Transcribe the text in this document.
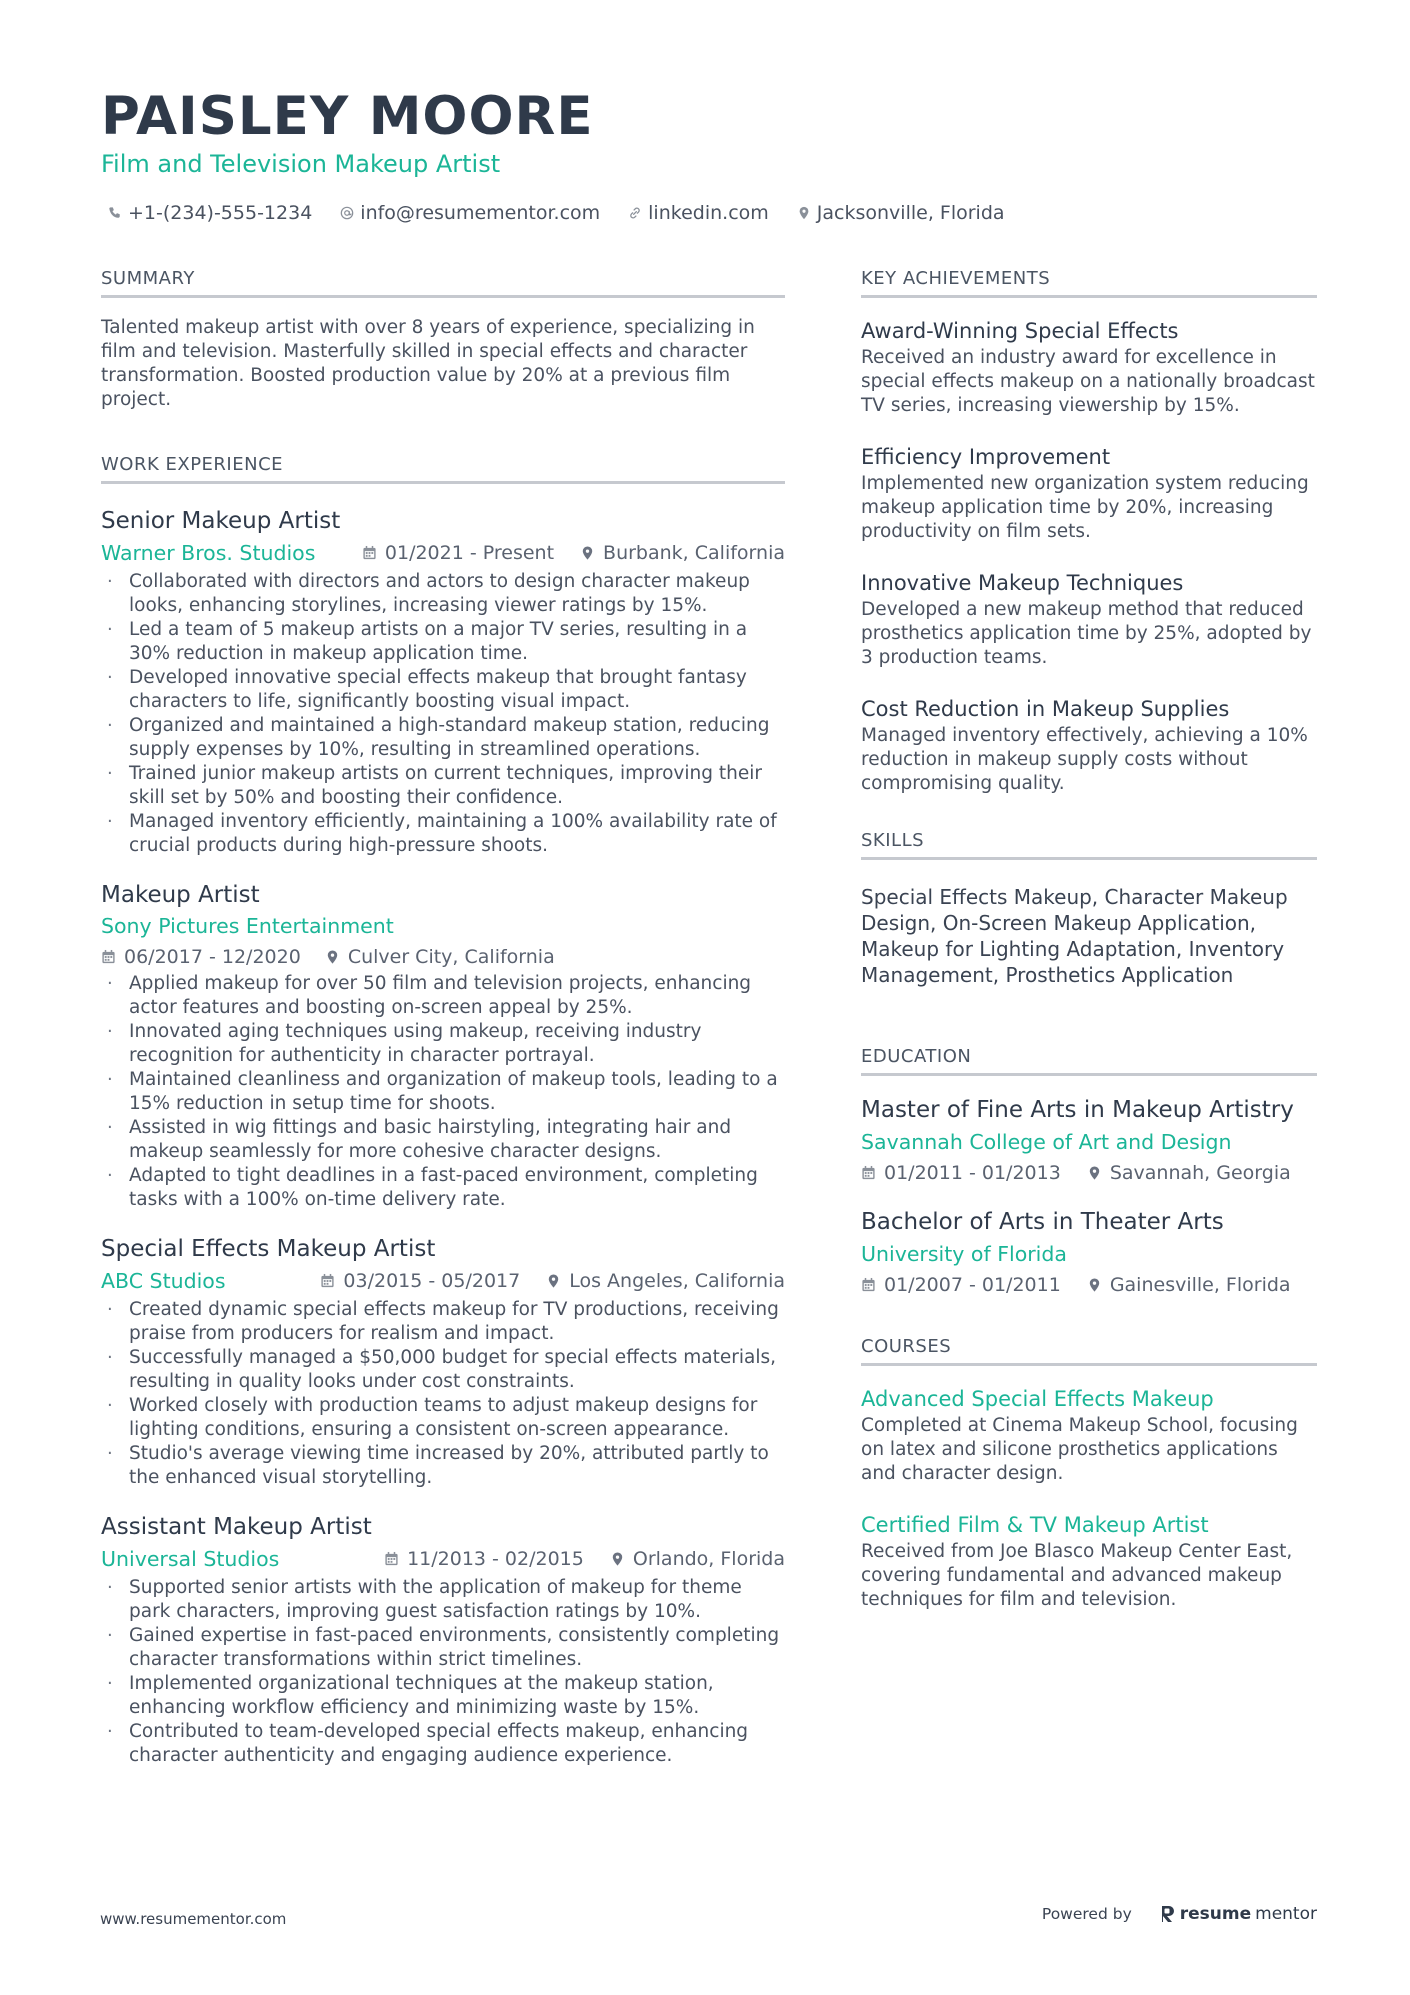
PAISLEY MOORE
Film and Television Makeup Artist
+1-(234)-555-1234	info@resumementor.com	linkedin.com	Jacksonville, Florida
SUMMARY

Talented makeup artist with over 8 years of experience, specializing in film and television. Masterfully skilled in special effects and character transformation. Boosted production value by 20% at a previous film project.

WORK EXPERIENCE
Senior Makeup Artist
Warner Bros. Studios	01/2021 - Present	Burbank, California
· Collaborated with directors and actors to design character makeup looks, enhancing storylines, increasing viewer ratings by 15%.
· Led a team of 5 makeup artists on a major TV series, resulting in a 30% reduction in makeup application time.
· Developed innovative special effects makeup that brought fantasy characters to life, significantly boosting visual impact.
· Organized and maintained a high-standard makeup station, reducing supply expenses by 10%, resulting in streamlined operations.
· Trained junior makeup artists on current techniques, improving their skill set by 50% and boosting their confidence.
· Managed inventory efficiently, maintaining a 100% availability rate of crucial products during high-pressure shoots.
Makeup Artist
Sony Pictures Entertainment
06/2017 - 12/2020 Culver City, California
· Applied makeup for over 50 film and television projects, enhancing actor features and boosting on-screen appeal by 25%.
· Innovated aging techniques using makeup, receiving industry recognition for authenticity in character portrayal.
· Maintained cleanliness and organization of makeup tools, leading to a 15% reduction in setup time for shoots.
· Assisted in wig fittings and basic hairstyling, integrating hair and makeup seamlessly for more cohesive character designs.
· Adapted to tight deadlines in a fast-paced environment, completing tasks with a 100% on-time delivery rate.
Special Effects Makeup Artist
ABC Studios	03/2015 - 05/2017	Los Angeles, California
· Created dynamic special effects makeup for TV productions, receiving praise from producers for realism and impact.
· Successfully managed a $50,000 budget for special effects materials, resulting in quality looks under cost constraints.
· Worked closely with production teams to adjust makeup designs for lighting conditions, ensuring a consistent on-screen appearance.
· Studio's average viewing time increased by 20%, attributed partly to the enhanced visual storytelling.
Assistant Makeup Artist
Universal Studios	11/2013 - 02/2015	Orlando, Florida
· Supported senior artists with the application of makeup for theme park characters, improving guest satisfaction ratings by 10%.
· Gained expertise in fast-paced environments, consistently completing character transformations within strict timelines.
· Implemented organizational techniques at the makeup station, enhancing workflow efficiency and minimizing waste by 15%.
· Contributed to team-developed special effects makeup, enhancing character authenticity and engaging audience experience.
KEY ACHIEVEMENTS
Award-Winning Special Effects

Received an industry award for excellence in special effects makeup on a nationally broadcast TV series, increasing viewership by 15%.

Efficiency Improvement

Implemented new organization system reducing makeup application time by 20%, increasing productivity on film sets.

Innovative Makeup Techniques

Developed a new makeup method that reduced prosthetics application time by 25%, adopted by 3 production teams.

Cost Reduction in Makeup Supplies

Managed inventory effectively, achieving a 10% reduction in makeup supply costs without compromising quality.

SKILLS

Special Effects Makeup, Character Makeup Design, On-Screen Makeup Application, Makeup for Lighting Adaptation, Inventory Management, Prosthetics Application

EDUCATION
Master of Fine Arts in Makeup Artistry
Savannah College of Art and Design
01/2011 - 01/2013	Savannah, Georgia
Bachelor of Arts in Theater Arts
University of Florida
01/2007 - 01/2011	Gainesville, Florida
COURSES
Advanced Special Effects Makeup

Completed at Cinema Makeup School, focusing on latex and silicone prosthetics applications and character design.

Certified Film & TV Makeup Artist

Received from Joe Blasco Makeup Center East, covering fundamental and advanced makeup techniques for film and television.

www.resumementor.com	Powered by	resume mentor
